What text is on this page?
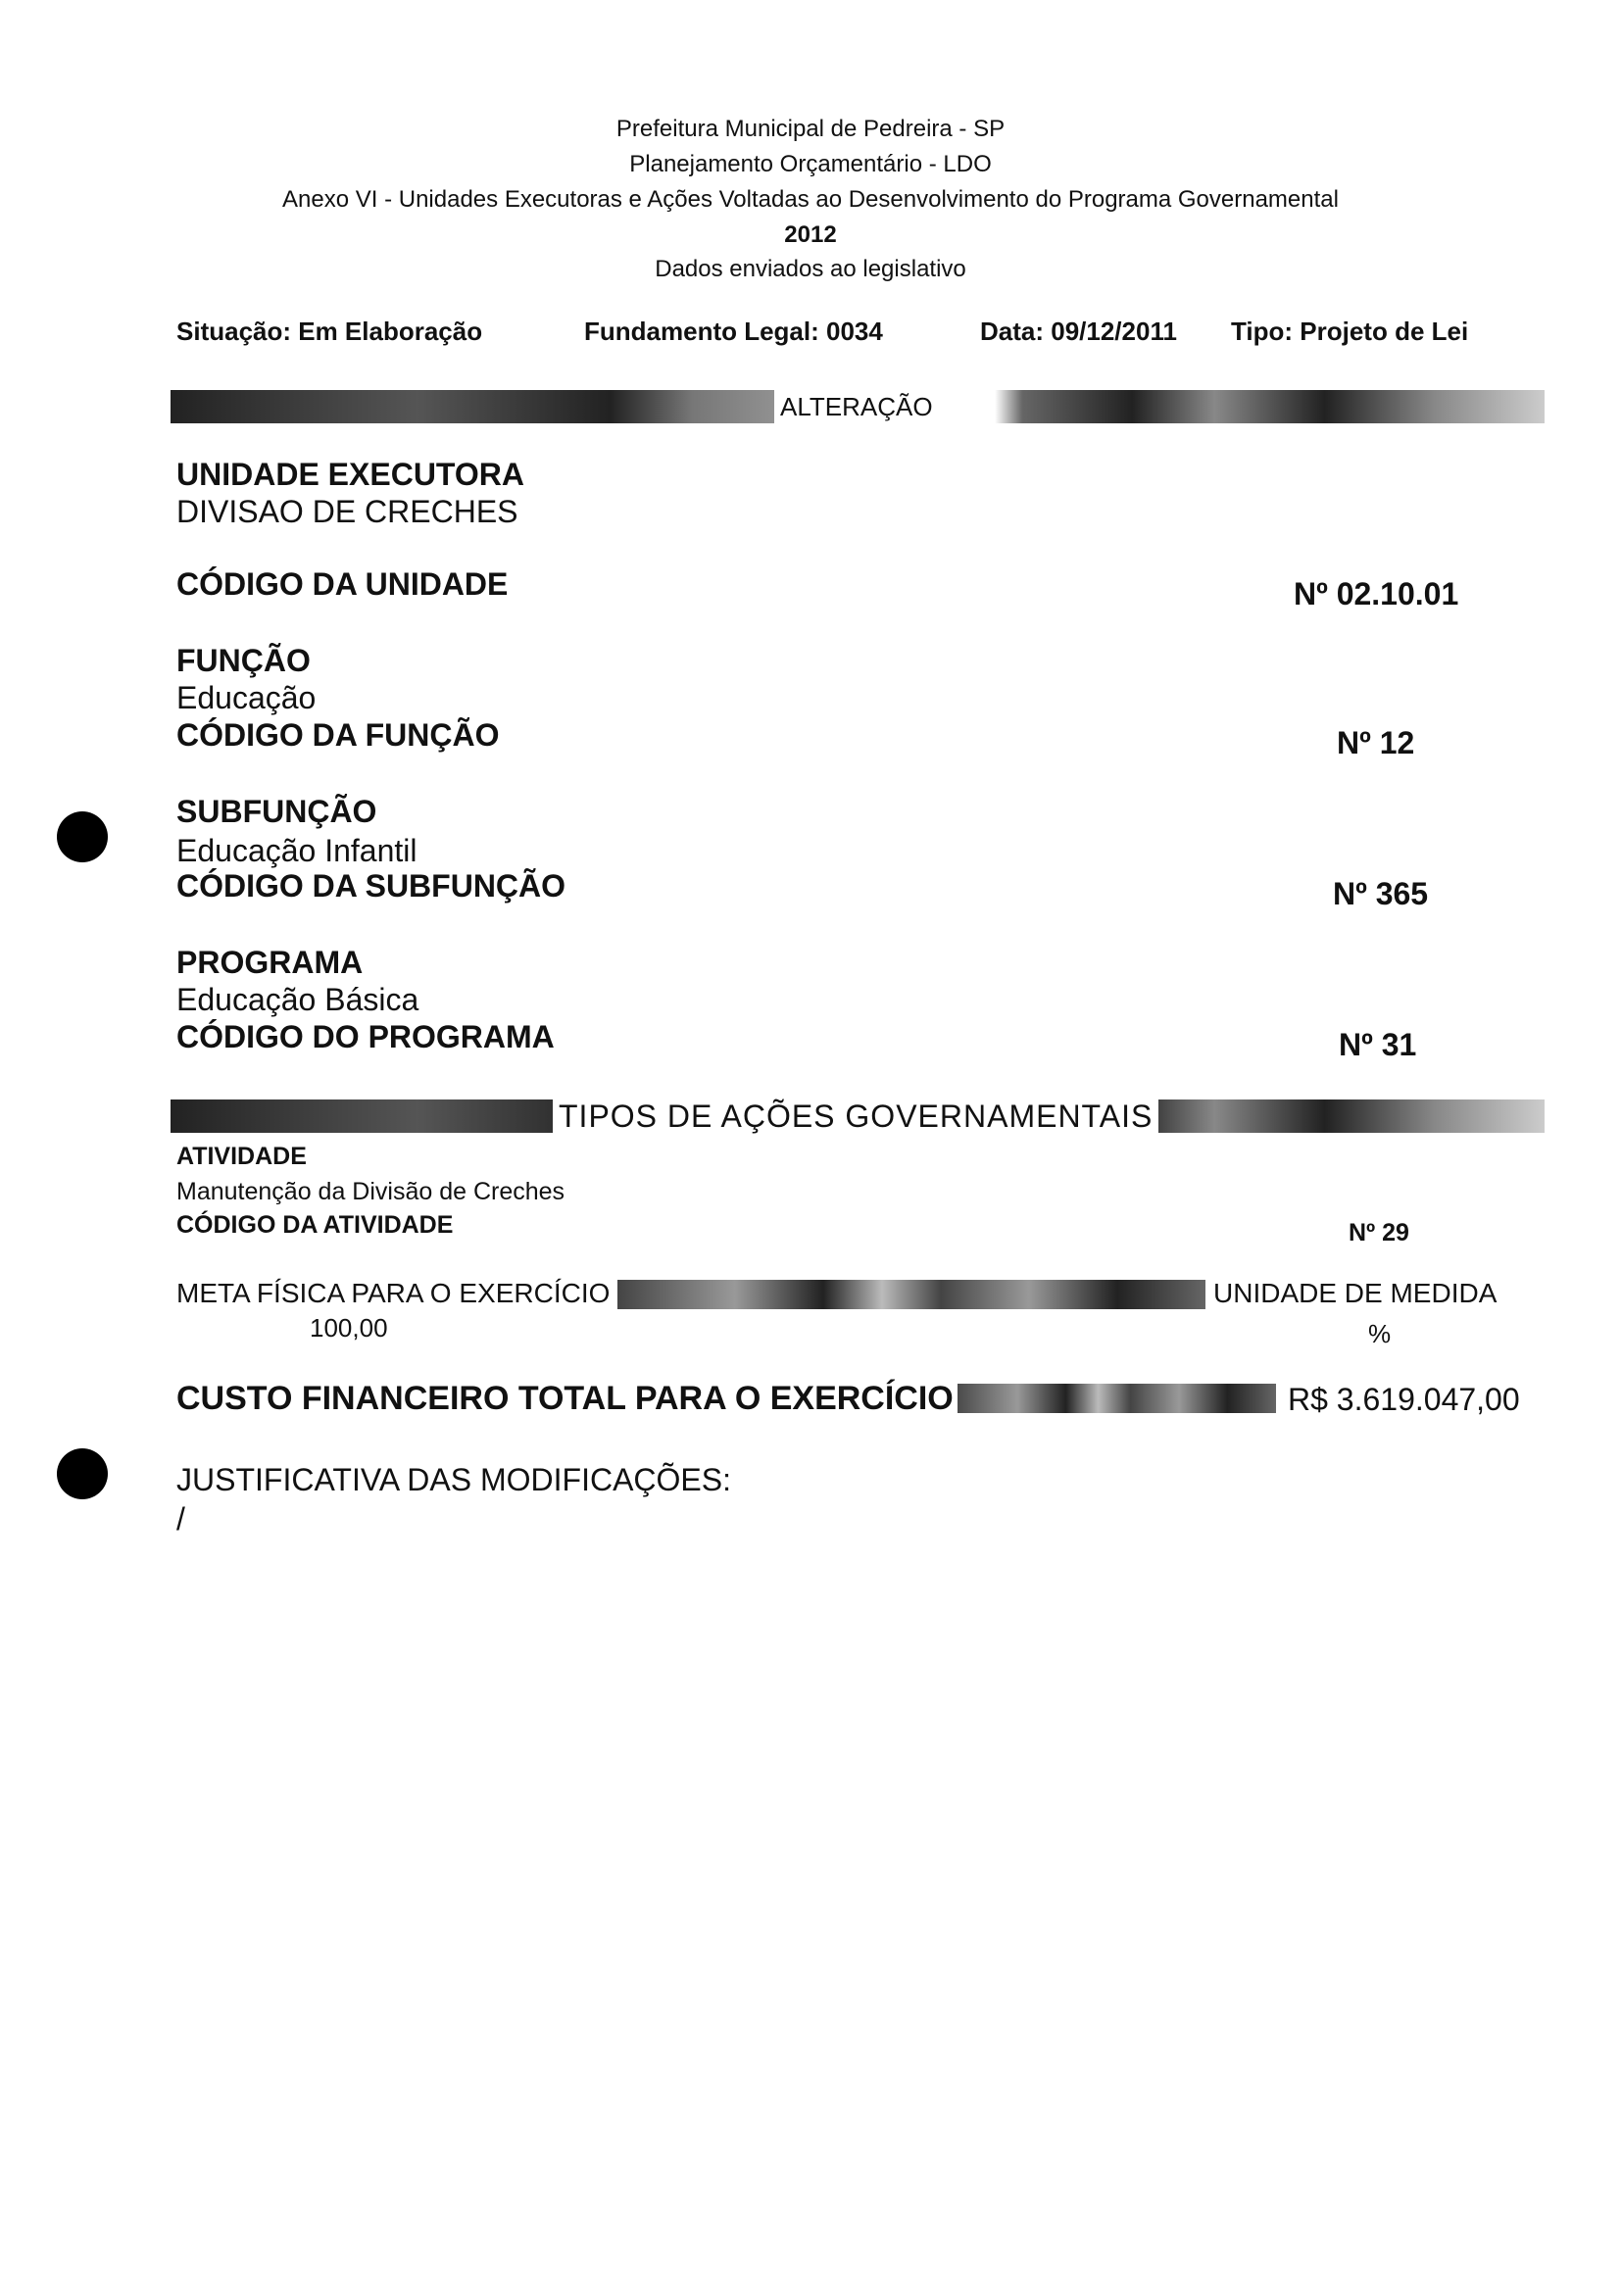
Prefeitura Municipal de Pedreira - SP
Planejamento Orçamentário - LDO
Anexo VI - Unidades Executoras e Ações Voltadas ao Desenvolvimento do Programa Governamental
2012
Dados enviados ao legislativo
Situação: Em Elaboração	Fundamento Legal: 0034	Data: 09/12/2011 Tipo: Projeto de Lei
ALTERAÇÃO
UNIDADE EXECUTORA
DIVISAO DE CRECHES
CÓDIGO DA UNIDADE	Nº 02.10.01
FUNÇÃO
Educação
CÓDIGO DA FUNÇÃO	Nº 12
SUBFUNÇÃO
Educação Infantil
CÓDIGO DA SUBFUNÇÃO	Nº 365
PROGRAMA
Educação Básica
CÓDIGO DO PROGRAMA	Nº 31
TIPOS DE AÇÕES GOVERNAMENTAIS
ATIVIDADE
Manutenção da Divisão de Creches
CÓDIGO DA ATIVIDADE	Nº 29
META FÍSICA PARA O EXERCÍCIO	UNIDADE DE MEDIDA
100,00	%
CUSTO FINANCEIRO TOTAL PARA O EXERCÍCIO	R$ 3.619.047,00
JUSTIFICATIVA DAS MODIFICAÇÕES:
/
